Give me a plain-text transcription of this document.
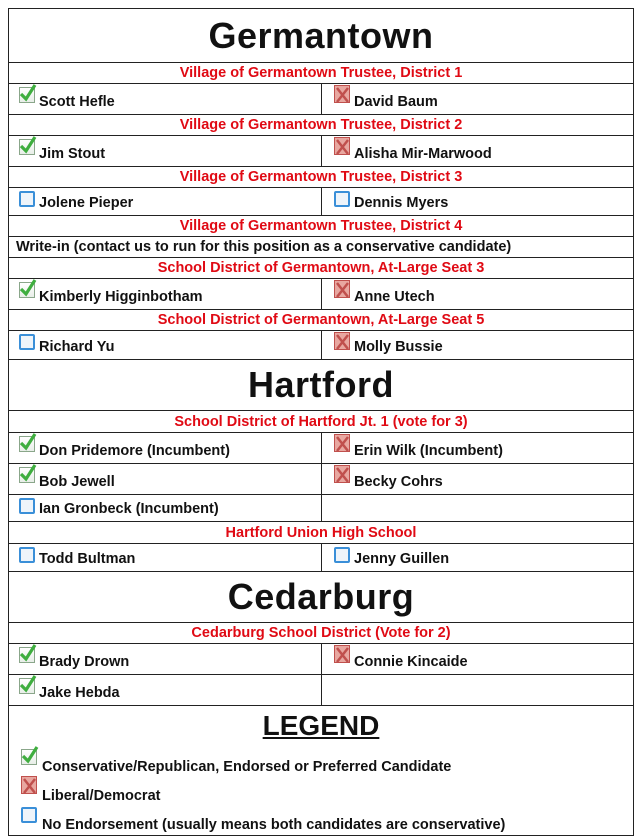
Germantown
Village of Germantown Trustee, District 1
Scott Hefle	David Baum
Village of Germantown Trustee, District 2
Jim Stout	Alisha Mir-Marwood
Village of Germantown Trustee, District 3
Jolene Pieper	Dennis Myers
Village of Germantown Trustee, District 4
Write-in (contact us to run for this position as a conservative candidate)
School District of Germantown, At-Large Seat 3
Kimberly Higginbotham	Anne Utech
School District of Germantown, At-Large Seat 5
Richard Yu	Molly Bussie
Hartford
School District of Hartford Jt. 1 (vote for 3)
Don Pridemore (Incumbent)	Erin Wilk (Incumbent)
Bob Jewell	Becky Cohrs
Ian Gronbeck (Incumbent)
Hartford Union High School
Todd Bultman	Jenny Guillen
Cedarburg
Cedarburg School District (Vote for 2)
Brady Drown	Connie Kincaide
Jake Hebda
LEGEND
Conservative/Republican, Endorsed or Preferred Candidate
Liberal/Democrat
No Endorsement (usually means both candidates are conservative)
